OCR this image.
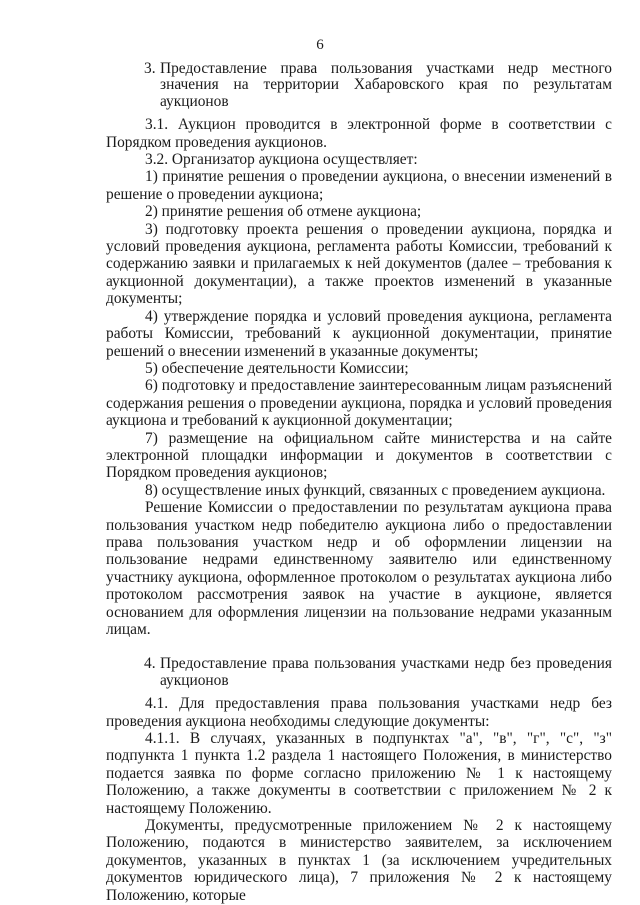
6
3. Предоставление права пользования участками недр местного значения на территории Хабаровского края по результатам аукционов

3.1. Аукцион проводится в электронной форме в соответствии с Порядком проведения аукционов.

3.2. Организатор аукциона осуществляет:

1) принятие решения о проведении аукциона, о внесении изменений в решение о проведении аукциона;

2) принятие решения об отмене аукциона;

3) подготовку проекта решения о проведении аукциона, порядка и условий проведения аукциона, регламента работы Комиссии, требований к содержанию заявки и прилагаемых к ней документов (далее – требования к аукционной документации), а также проектов изменений в указанные документы;

4) утверждение порядка и условий проведения аукциона, регламента работы Комиссии, требований к аукционной документации, принятие решений о внесении изменений в указанные документы;

5) обеспечение деятельности Комиссии;

6) подготовку и предоставление заинтересованным лицам разъяснений содержания решения о проведении аукциона, порядка и условий проведения аукциона и требований к аукционной документации;

7) размещение на официальном сайте министерства и на сайте электронной площадки информации и документов в соответствии с Порядком проведения аукционов;

8) осуществление иных функций, связанных с проведением аукциона.

Решение Комиссии о предоставлении по результатам аукциона права пользования участком недр победителю аукциона либо о предоставлении права пользования участком недр и об оформлении лицензии на пользование недрами единственному заявителю или единственному участнику аукциона, оформленное протоколом о результатах аукциона либо протоколом рассмотрения заявок на участие в аукционе, является основанием для оформления лицензии на пользование недрами указанным лицам.

4. Предоставление права пользования участками недр без проведения аукционов

4.1. Для предоставления права пользования участками недр без проведения аукциона необходимы следующие документы:

4.1.1. В случаях, указанных в подпунктах "а", "в", "г", "с", "з" подпункта 1 пункта 1.2 раздела 1 настоящего Положения, в министерство подается заявка по форме согласно приложению № 1 к настоящему Положению, а также документы в соответствии с приложением № 2 к настоящему Положению.

Документы, предусмотренные приложением № 2 к настоящему Положению, подаются в министерство заявителем, за исключением документов, указанных в пунктах 1 (за исключением учредительных документов юридического лица), 7 приложения № 2 к настоящему Положению, которые
